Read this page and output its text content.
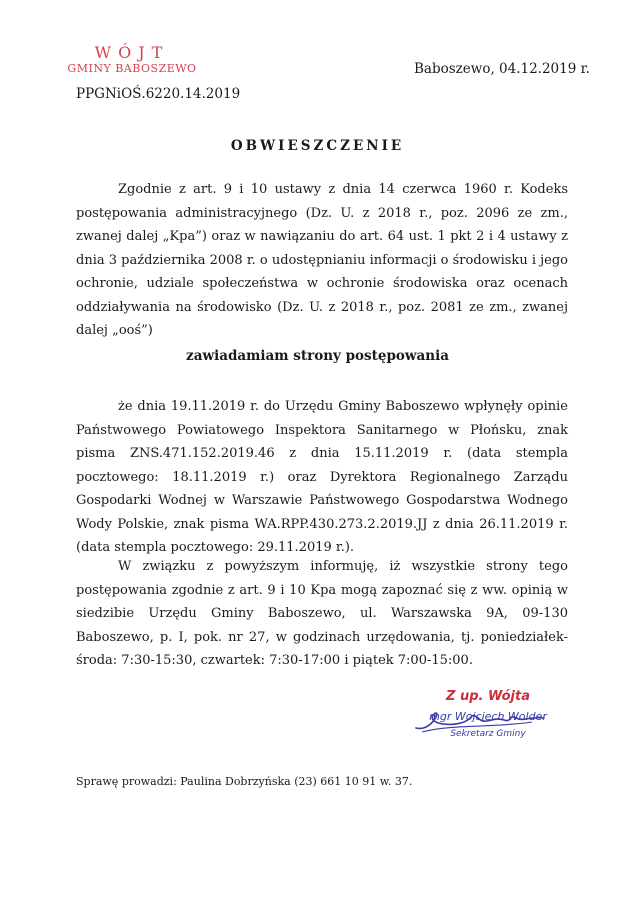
WÓJT
GMINY BABOSZEWO	Baboszewo, 04.12.2019 r.
PPGNiOŚ.6220.14.2019
OBWIESZCZENIE
Zgodnie z art. 9 i 10 ustawy z dnia 14 czerwca 1960 r. Kodeks postępowania administracyjnego (Dz. U. z 2018 r., poz. 2096 ze zm., zwanej dalej „Kpa”) oraz w nawiązaniu do art. 64 ust. 1 pkt 2 i 4 ustawy z dnia 3 października 2008 r. o udostępnianiu informacji o środowisku i jego ochronie, udziale społeczeństwa w ochronie środowiska oraz ocenach oddziaływania na środowisko (Dz. U. z 2018 r., poz. 2081 ze zm., zwanej dalej „ooś”)
zawiadamiam strony postępowania
że dnia 19.11.2019 r. do Urzędu Gminy Baboszewo wpłynęły opinie Państwowego Powiatowego Inspektora Sanitarnego w Płońsku, znak pisma ZNS.471.152.2019.46 z dnia 15.11.2019 r. (data stempla pocztowego: 18.11.2019 r.) oraz Dyrektora Regionalnego Zarządu Gospodarki Wodnej w Warszawie Państwowego Gospodarstwa Wodnego Wody Polskie, znak pisma WA.RPP.430.273.2.2019.JJ z dnia 26.11.2019 r. (data stempla pocztowego: 29.11.2019 r.).
W związku z powyższym informuję, iż wszystkie strony tego postępowania zgodnie z art. 9 i 10 Kpa mogą zapoznać się z ww. opinią w siedzibie Urzędu Gminy Baboszewo, ul. Warszawska 9A, 09-130 Baboszewo, p. I, pok. nr 27, w godzinach urzędowania, tj. poniedziałek-środa: 7:30-15:30, czwartek: 7:30-17:00 i piątek 7:00-15:00.
Z up. Wójta
mgr Wojciech Wolder
Sekretarz Gminy
Sprawę prowadzi: Paulina Dobrzyńska (23) 661 10 91 w. 37.
